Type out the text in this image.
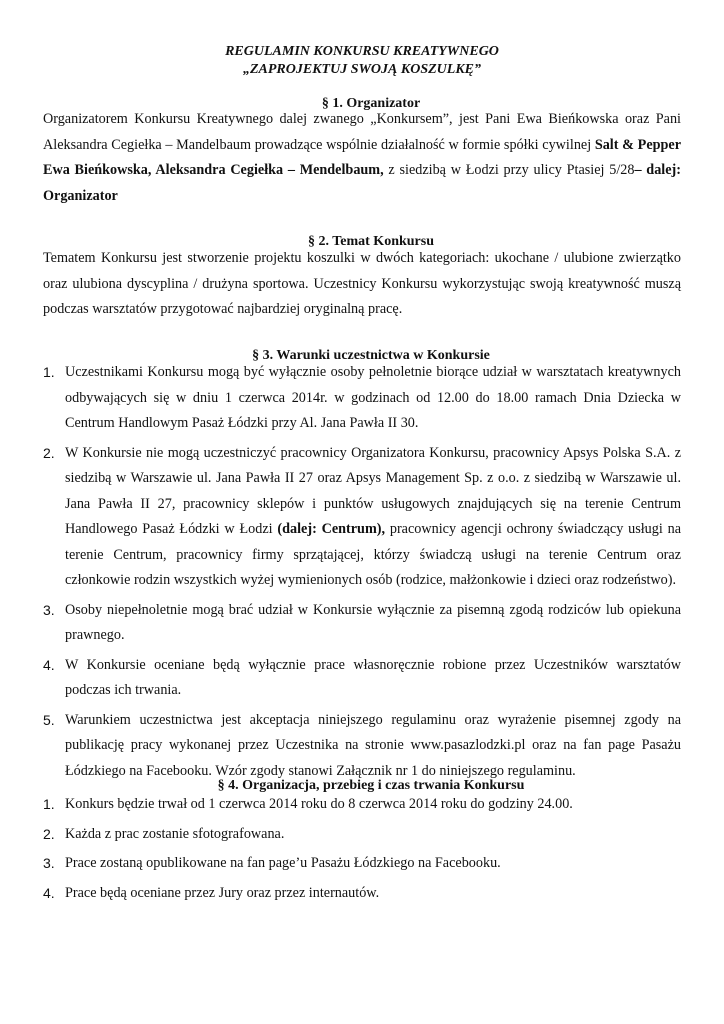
REGULAMIN KONKURSU KREATYWNEGO
„ZAPROJEKTUJ SWOJĄ KOSZULKĘ”
§ 1. Organizator
Organizatorem Konkursu Kreatywnego dalej zwanego „Konkursem”, jest Pani Ewa Bieńkowska oraz Pani Aleksandra Cegiełka – Mandelbaum prowadzące wspólnie działalność w formie spółki cywilnej Salt & Pepper Ewa Bieńkowska, Aleksandra Cegiełka – Mendelbaum, z siedzibą w Łodzi przy ulicy Ptasiej 5/28– dalej: Organizator
§ 2. Temat Konkursu
Tematem Konkursu jest stworzenie projektu koszulki w dwóch kategoriach: ukochane / ulubione zwierzątko oraz ulubiona dyscyplina / drużyna sportowa. Uczestnicy Konkursu wykorzystując swoją kreatywność muszą podczas warsztatów przygotować najbardziej oryginalną pracę.
§ 3. Warunki uczestnictwa w Konkursie
1. Uczestnikami Konkursu mogą być wyłącznie osoby pełnoletnie biorące udział w warsztatach kreatywnych odbywających się w dniu 1 czerwca 2014r. w godzinach od 12.00 do 18.00 ramach Dnia Dziecka w Centrum Handlowym Pasaż Łódzki przy Al. Jana Pawła II 30.
2. W Konkursie nie mogą uczestniczyć pracownicy Organizatora Konkursu, pracownicy Apsys Polska S.A. z siedzibą w Warszawie ul. Jana Pawła II 27 oraz Apsys Management Sp. z o.o. z siedzibą w Warszawie ul. Jana Pawła II 27, pracownicy sklepów i punktów usługowych znajdujących się na terenie Centrum Handlowego Pasaż Łódzki w Łodzi (dalej: Centrum), pracownicy agencji ochrony świadczący usługi na terenie Centrum, pracownicy firmy sprzątającej, którzy świadczą usługi na terenie Centrum oraz członkowie rodzin wszystkich wyżej wymienionych osób (rodzice, małżonkowie i dzieci oraz rodzeństwo).
3. Osoby niepełnoletnie mogą brać udział w Konkursie wyłącznie za pisemną zgodą rodziców lub opiekuna prawnego.
4. W Konkursie oceniane będą wyłącznie prace własnoręcznie robione przez Uczestników warsztatów podczas ich trwania.
5. Warunkiem uczestnictwa jest akceptacja niniejszego regulaminu oraz wyrażenie pisemnej zgody na publikację pracy wykonanej przez Uczestnika na stronie www.pasazlodzki.pl oraz na fan page Pasażu Łódzkiego na Facebooku. Wzór zgody stanowi Załącznik nr 1 do niniejszego regulaminu.
§ 4. Organizacja, przebieg i czas trwania Konkursu
1. Konkurs będzie trwał od 1 czerwca 2014 roku do 8 czerwca 2014 roku do godziny 24.00.
2. Każda z prac zostanie sfotografowana.
3. Prace zostaną opublikowane na fan page’u Pasażu Łódzkiego na Facebooku.
4. Prace będą oceniane przez Jury oraz przez internautów.
